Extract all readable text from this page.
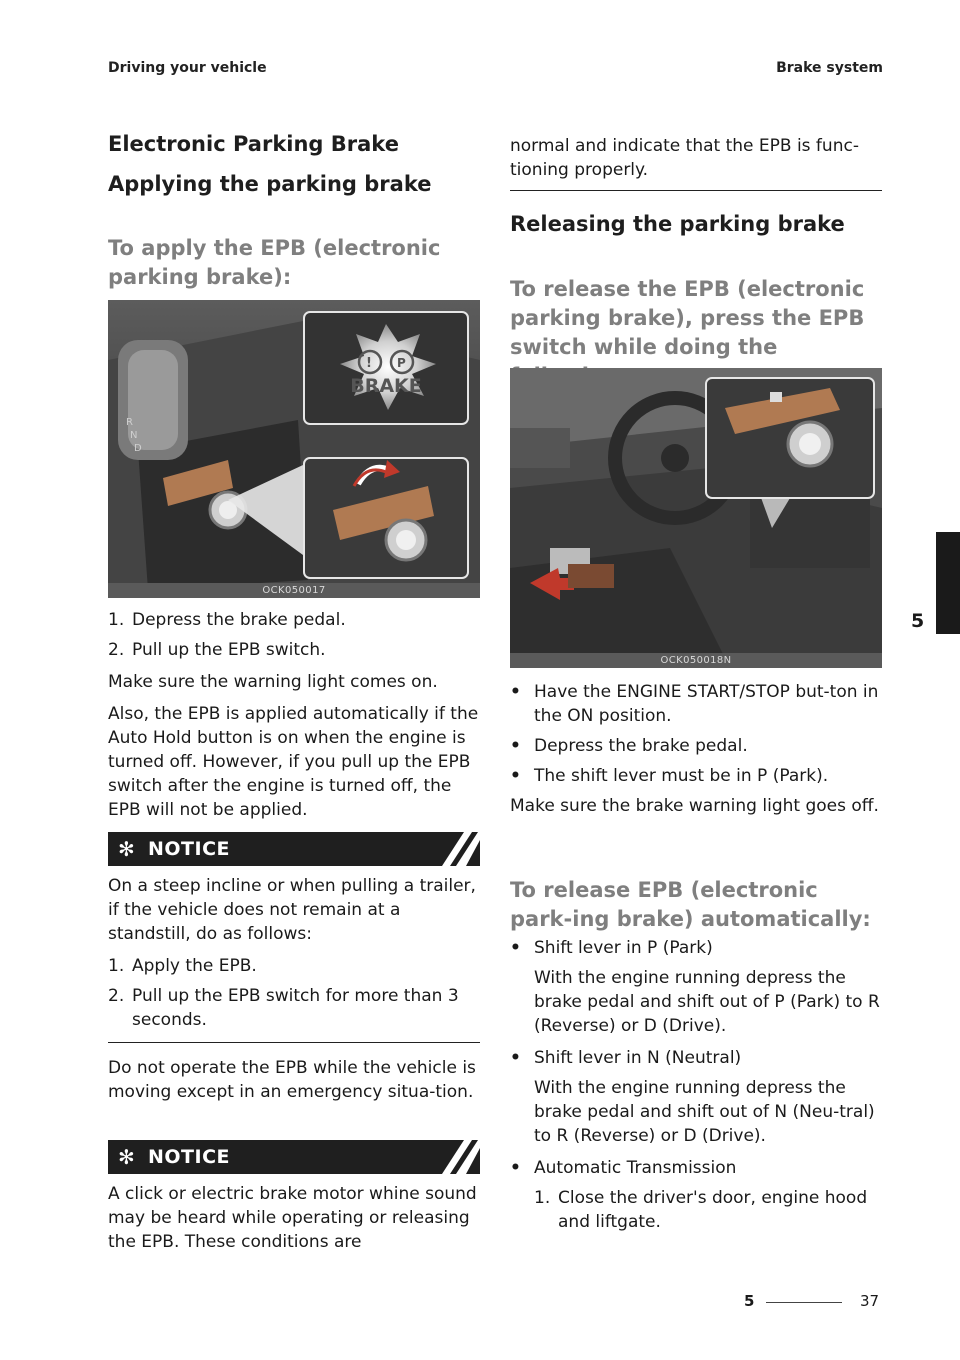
Driving your vehicle	Brake system
Electronic Parking Brake
Applying the parking brake
To apply the EPB (electronic
parking brake):
R
N
D
! P
BRAKE
OCK050017
1. Depress the brake pedal.
2. Pull up the EPB switch.
Make sure the warning light comes on.
Also, the EPB is applied automatically if the Auto Hold button is on when the engine is turned off. However, if you pull up the EPB switch after the engine is turned off, the EPB will not be applied.
✻ NOTICE
On a steep incline or when pulling a trailer, if the vehicle does not remain at a standstill, do as follows:
1. Apply the EPB.
2. Pull up the EPB switch for more than 3 seconds.
Do not operate the EPB while the vehicle is moving except in an emergency situa-tion.
✻ NOTICE
A click or electric brake motor whine sound may be heard while operating or releasing the EPB. These conditions are
normal and indicate that the EPB is func-tioning properly.
Releasing the parking brake
To release the EPB (electronic parking brake), press the EPB switch while doing the
OCK050018N
• Have the ENGINE START/STOP but-ton in the ON position.
• Depress the brake pedal.
• The shift lever must be in P (Park).
Make sure the brake warning light goes off.
To release EPB (electronic park-ing brake) automatically:
• Shift lever in P (Park)
With the engine running depress the brake pedal and shift out of P (Park) to R (Reverse) or D (Drive).
• Shift lever in N (Neutral)
With the engine running depress the brake pedal and shift out of N (Neu-tral) to R (Reverse) or D (Drive).
• Automatic Transmission
1. Close the driver's door, engine hood and liftgate.
5
5	37
